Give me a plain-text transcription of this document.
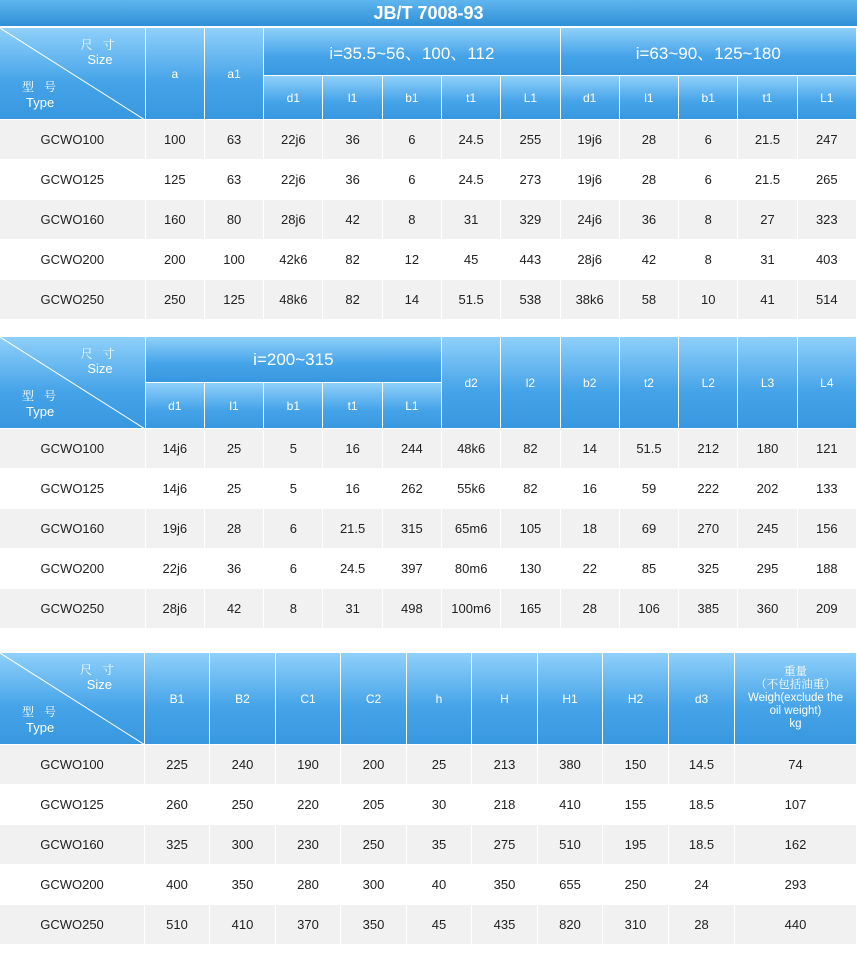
JB/T 7008-93
尺寸
Size
型号
Type	a	a1	i=35.5~56、100、112					i=63~90、125~180				
			d1	l1	b1	t1	L1	d1	l1	b1	t1	L1
GCWO100	100	63	22j6	36	6	24.5	255	19j6	28	6	21.5	247
GCWO125	125	63	22j6	36	6	24.5	273	19j6	28	6	21.5	265
GCWO160	160	80	28j6	42	8	31	329	24j6	36	8	27	323
GCWO200	200	100	42k6	82	12	45	443	28j6	42	8	31	403
GCWO250	250	125	48k6	82	14	51.5	538	38k6	58	10	41	514
尺寸
Size
型号
Type	i=200~315					d2	l2	b2	t2	L2	L3	L4
	d1	l1	b1	t1	L1							
GCWO100	14j6	25	5	16	244	48k6	82	14	51.5	212	180	121
GCWO125	14j6	25	5	16	262	55k6	82	16	59	222	202	133
GCWO160	19j6	28	6	21.5	315	65m6	105	18	69	270	245	156
GCWO200	22j6	36	6	24.5	397	80m6	130	22	85	325	295	188
GCWO250	28j6	42	8	31	498	100m6	165	28	106	385	360	209
尺寸
Size
型号
Type	B1	B2	C1	C2	h	H	H1	H2	d3	重量
（不包括油重）
Weigh(exclude the
oil weight)
kg

GCWO100	225	240	190	200	25	213	380	150	14.5	74
GCWO125	260	250	220	205	30	218	410	155	18.5	107
GCWO160	325	300	230	250	35	275	510	195	18.5	162
GCWO200	400	350	280	300	40	350	655	250	24	293
GCWO250	510	410	370	350	45	435	820	310	28	440
